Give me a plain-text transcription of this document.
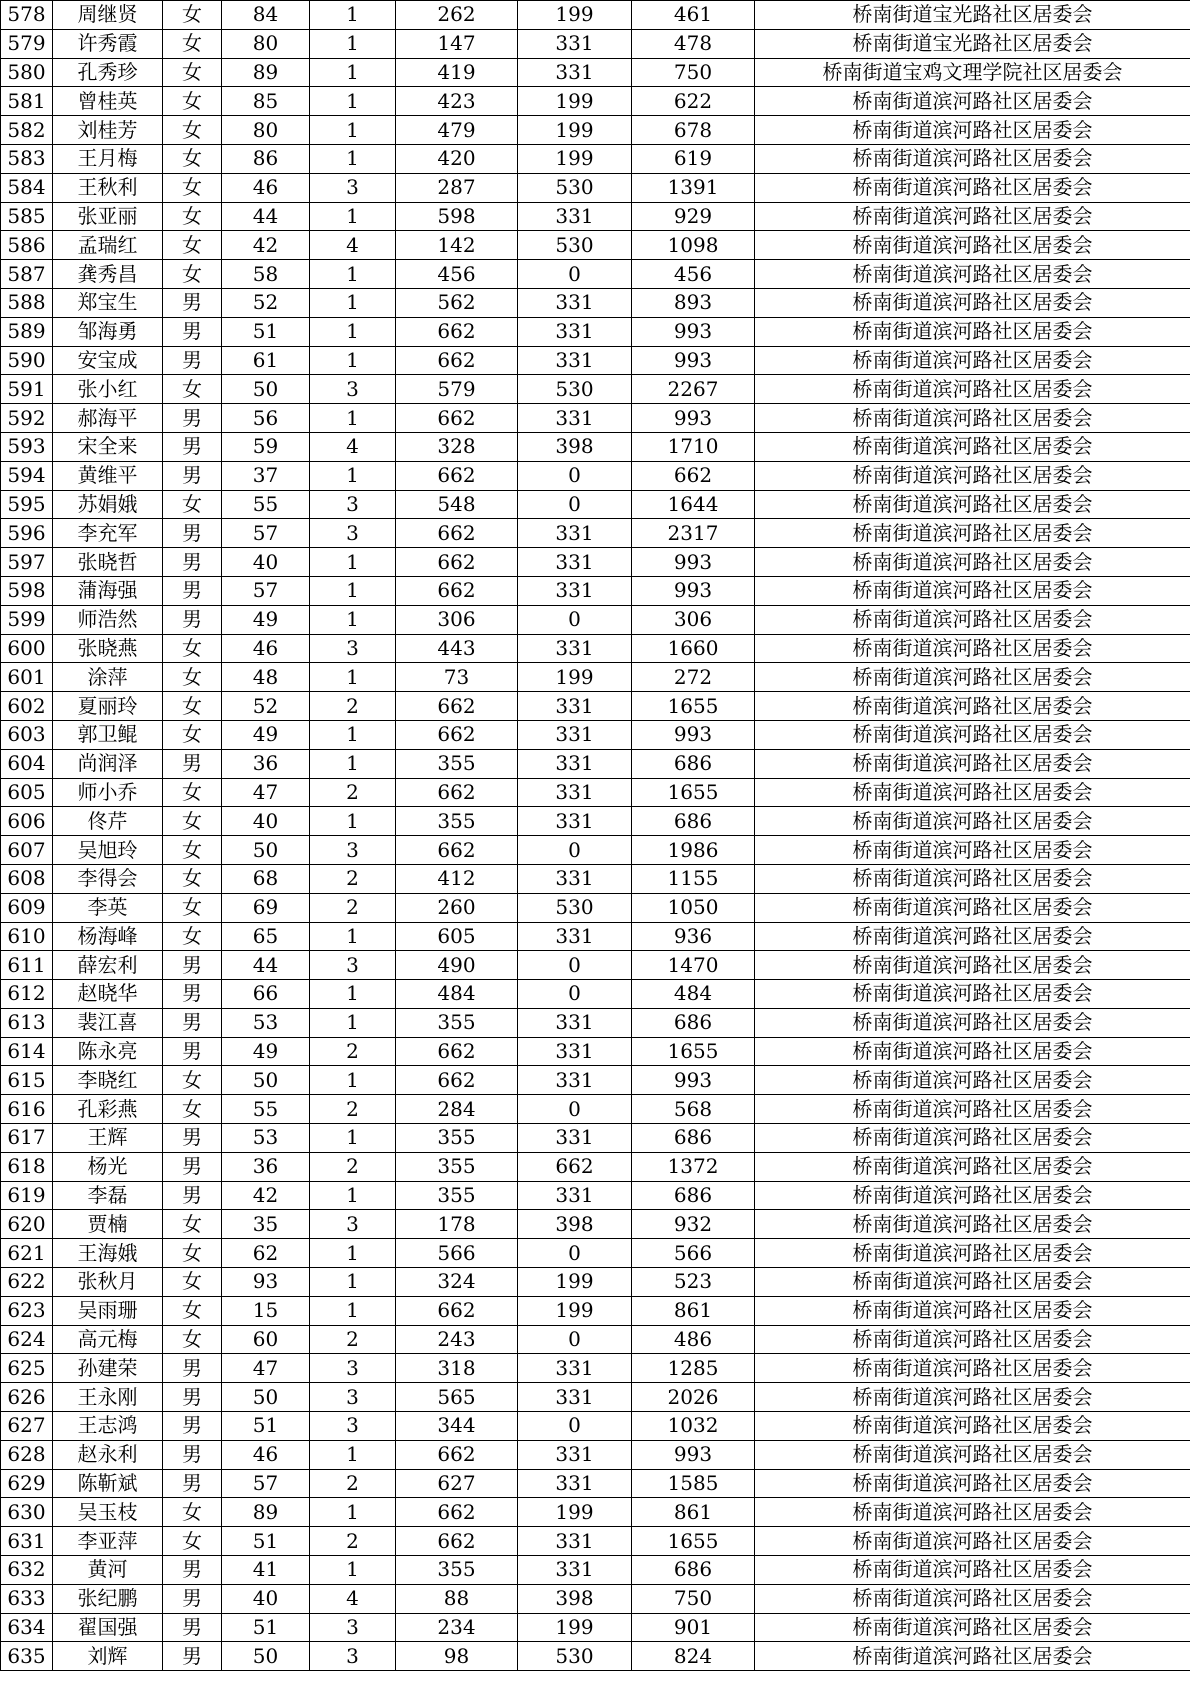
578	周继贤	女	84	1	262	199	461	桥南街道宝光路社区居委会
579	许秀霞	女	80	1	147	331	478	桥南街道宝光路社区居委会
580	孔秀珍	女	89	1	419	331	750	桥南街道宝鸡文理学院社区居委会
581	曾桂英	女	85	1	423	199	622	桥南街道滨河路社区居委会
582	刘桂芳	女	80	1	479	199	678	桥南街道滨河路社区居委会
583	王月梅	女	86	1	420	199	619	桥南街道滨河路社区居委会
584	王秋利	女	46	3	287	530	1391	桥南街道滨河路社区居委会
585	张亚丽	女	44	1	598	331	929	桥南街道滨河路社区居委会
586	孟瑞红	女	42	4	142	530	1098	桥南街道滨河路社区居委会
587	龚秀昌	女	58	1	456	0	456	桥南街道滨河路社区居委会
588	郑宝生	男	52	1	562	331	893	桥南街道滨河路社区居委会
589	邹海勇	男	51	1	662	331	993	桥南街道滨河路社区居委会
590	安宝成	男	61	1	662	331	993	桥南街道滨河路社区居委会
591	张小红	女	50	3	579	530	2267	桥南街道滨河路社区居委会
592	郝海平	男	56	1	662	331	993	桥南街道滨河路社区居委会
593	宋全来	男	59	4	328	398	1710	桥南街道滨河路社区居委会
594	黄维平	男	37	1	662	0	662	桥南街道滨河路社区居委会
595	苏娟娥	女	55	3	548	0	1644	桥南街道滨河路社区居委会
596	李充军	男	57	3	662	331	2317	桥南街道滨河路社区居委会
597	张晓哲	男	40	1	662	331	993	桥南街道滨河路社区居委会
598	蒲海强	男	57	1	662	331	993	桥南街道滨河路社区居委会
599	师浩然	男	49	1	306	0	306	桥南街道滨河路社区居委会
600	张晓燕	女	46	3	443	331	1660	桥南街道滨河路社区居委会
601	涂萍	女	48	1	73	199	272	桥南街道滨河路社区居委会
602	夏丽玲	女	52	2	662	331	1655	桥南街道滨河路社区居委会
603	郭卫鲲	女	49	1	662	331	993	桥南街道滨河路社区居委会
604	尚润泽	男	36	1	355	331	686	桥南街道滨河路社区居委会
605	师小乔	女	47	2	662	331	1655	桥南街道滨河路社区居委会
606	佟芹	女	40	1	355	331	686	桥南街道滨河路社区居委会
607	吴旭玲	女	50	3	662	0	1986	桥南街道滨河路社区居委会
608	李得会	女	68	2	412	331	1155	桥南街道滨河路社区居委会
609	李英	女	69	2	260	530	1050	桥南街道滨河路社区居委会
610	杨海峰	女	65	1	605	331	936	桥南街道滨河路社区居委会
611	薛宏利	男	44	3	490	0	1470	桥南街道滨河路社区居委会
612	赵晓华	男	66	1	484	0	484	桥南街道滨河路社区居委会
613	裴江喜	男	53	1	355	331	686	桥南街道滨河路社区居委会
614	陈永亮	男	49	2	662	331	1655	桥南街道滨河路社区居委会
615	李晓红	女	50	1	662	331	993	桥南街道滨河路社区居委会
616	孔彩燕	女	55	2	284	0	568	桥南街道滨河路社区居委会
617	王辉	男	53	1	355	331	686	桥南街道滨河路社区居委会
618	杨光	男	36	2	355	662	1372	桥南街道滨河路社区居委会
619	李磊	男	42	1	355	331	686	桥南街道滨河路社区居委会
620	贾楠	女	35	3	178	398	932	桥南街道滨河路社区居委会
621	王海娥	女	62	1	566	0	566	桥南街道滨河路社区居委会
622	张秋月	女	93	1	324	199	523	桥南街道滨河路社区居委会
623	吴雨珊	女	15	1	662	199	861	桥南街道滨河路社区居委会
624	高元梅	女	60	2	243	0	486	桥南街道滨河路社区居委会
625	孙建荣	男	47	3	318	331	1285	桥南街道滨河路社区居委会
626	王永刚	男	50	3	565	331	2026	桥南街道滨河路社区居委会
627	王志鸿	男	51	3	344	0	1032	桥南街道滨河路社区居委会
628	赵永利	男	46	1	662	331	993	桥南街道滨河路社区居委会
629	陈靳斌	男	57	2	627	331	1585	桥南街道滨河路社区居委会
630	吴玉枝	女	89	1	662	199	861	桥南街道滨河路社区居委会
631	李亚萍	女	51	2	662	331	1655	桥南街道滨河路社区居委会
632	黄河	男	41	1	355	331	686	桥南街道滨河路社区居委会
633	张纪鹏	男	40	4	88	398	750	桥南街道滨河路社区居委会
634	翟国强	男	51	3	234	199	901	桥南街道滨河路社区居委会
635	刘辉	男	50	3	98	530	824	桥南街道滨河路社区居委会
